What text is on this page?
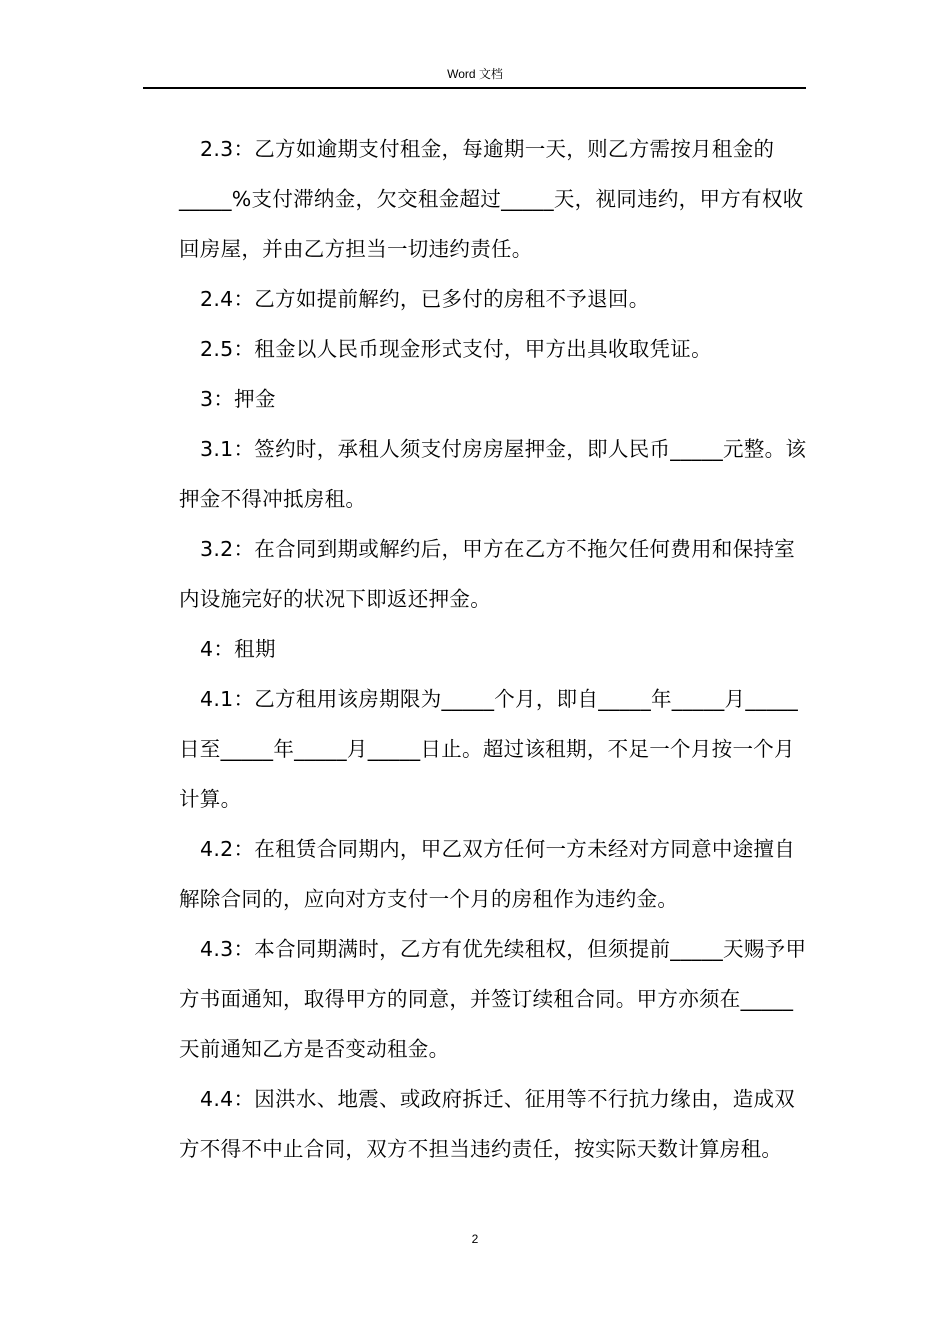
Word 文档

2.3：乙方如逾期支付租金，每逾期一天，则乙方需按月租金的_____%支付滞纳金，欠交租金超过_____天，视同违约，甲方有权收回房屋，并由乙方担当一切违约责任。

2.4：乙方如提前解约，已多付的房租不予退回。

2.5：租金以人民币现金形式支付，甲方出具收取凭证。

3：押金

3.1：签约时，承租人须支付房房屋押金，即人民币_____元整。该押金不得冲抵房租。

3.2：在合同到期或解约后，甲方在乙方不拖欠任何费用和保持室内设施完好的状况下即返还押金。

4：租期

4.1：乙方租用该房期限为_____个月，即自_____年_____月_____日至_____年_____月_____日止。超过该租期，不足一个月按一个月计算。

4.2：在租赁合同期内，甲乙双方任何一方未经对方同意中途擅自解除合同的，应向对方支付一个月的房租作为违约金。

4.3：本合同期满时，乙方有优先续租权，但须提前_____天赐予甲方书面通知，取得甲方的同意，并签订续租合同。甲方亦须在_____天前通知乙方是否变动租金。

4.4：因洪水、地震、或政府拆迁、征用等不行抗力缘由，造成双方不得不中止合同，双方不担当违约责任，按实际天数计算房租。

2
